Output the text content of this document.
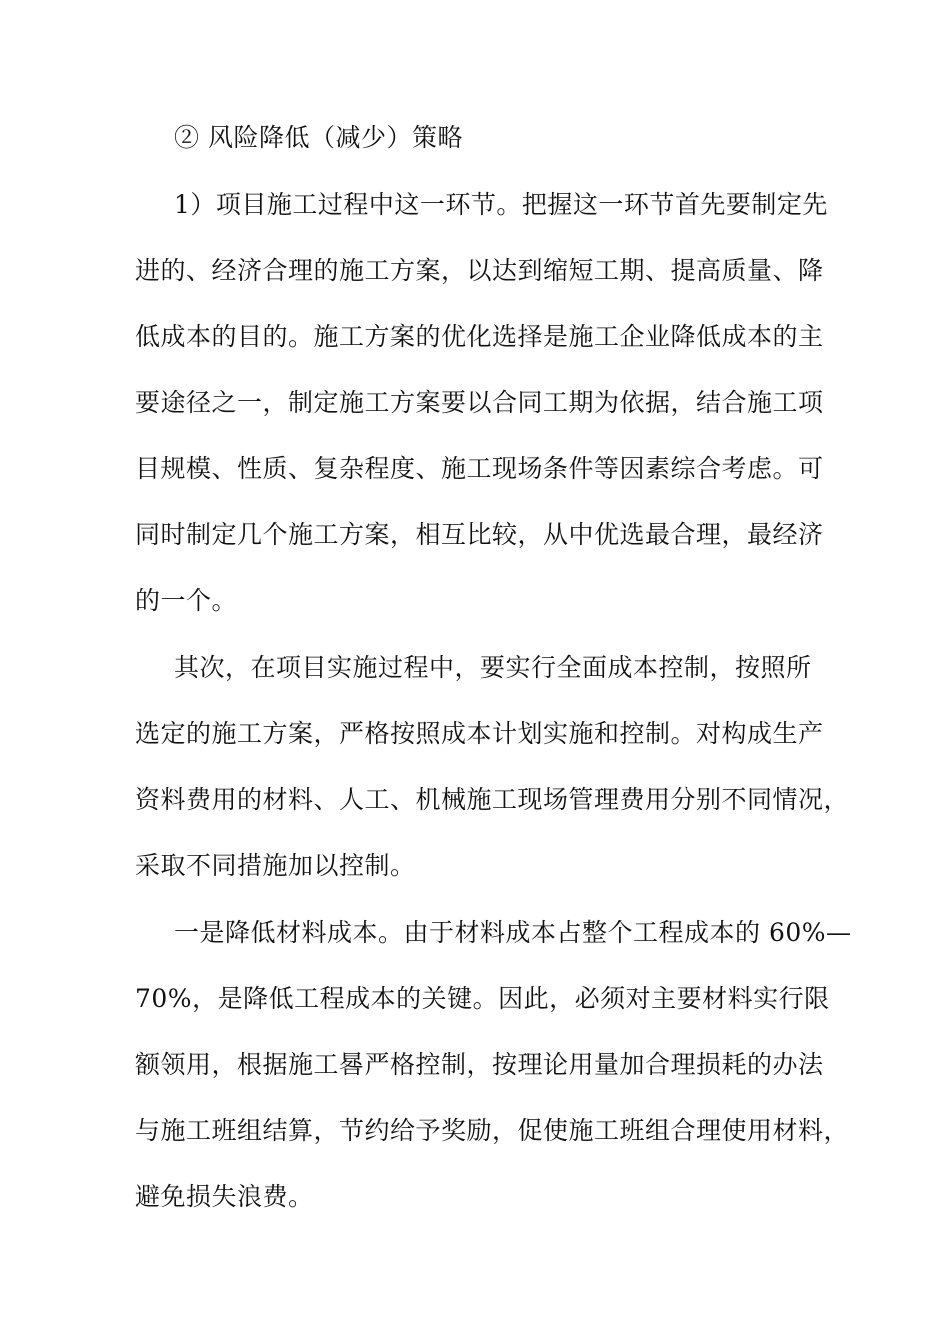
② 风险降低（减少）策略
1）项目施工过程中这一环节。把握这一环节首先要制定先
进的、经济合理的施工方案，以达到缩短工期、提高质量、降
低成本的目的。施工方案的优化选择是施工企业降低成本的主
要途径之一，制定施工方案要以合同工期为依据，结合施工项
目规模、性质、复杂程度、施工现场条件等因素综合考虑。可
同时制定几个施工方案，相互比较，从中优选最合理，最经济
的一个。
其次，在项目实施过程中，要实行全面成本控制，按照所
选定的施工方案，严格按照成本计划实施和控制。对构成生产
资料费用的材料、人工、机械施工现场管理费用分别不同情况，
采取不同措施加以控制。
一是降低材料成本。由于材料成本占整个工程成本的 60%—
70%，是降低工程成本的关键。因此，必须对主要材料实行限
额领用，根据施工晷严格控制，按理论用量加合理损耗的办法
与施工班组结算，节约给予奖励，促使施工班组合理使用材料，
避免损失浪费。
